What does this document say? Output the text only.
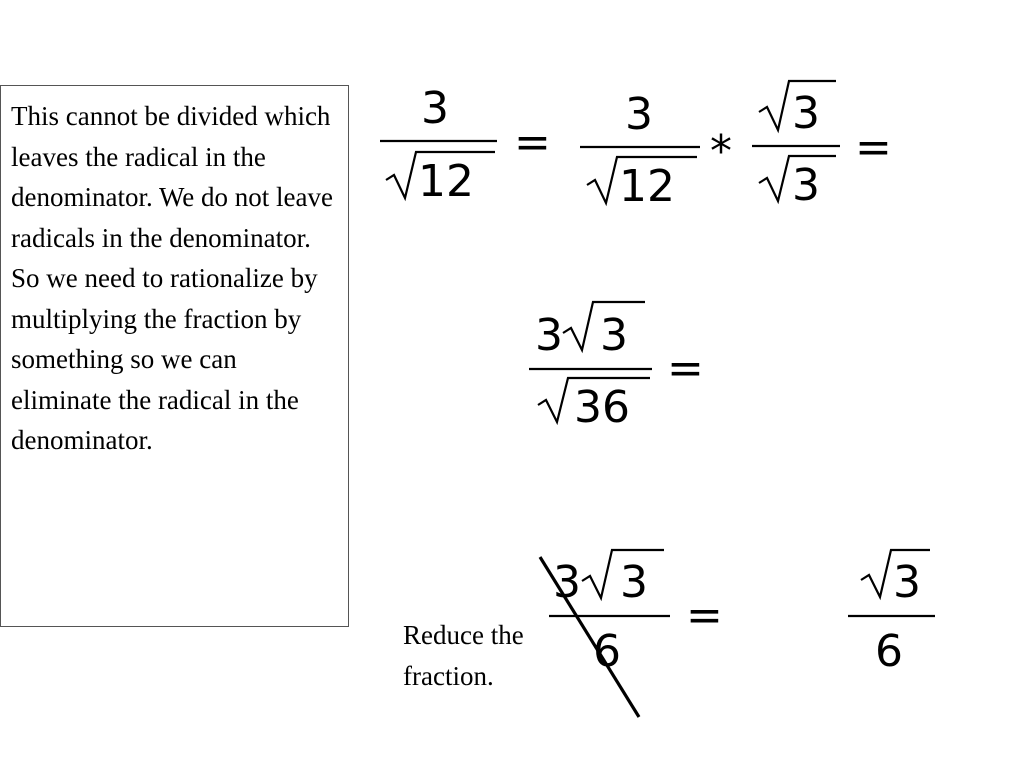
This cannot be divided which leaves the radical in the denominator. We do not leave radicals in the denominator. So we need to rationalize by multiplying the fraction by something so we can eliminate the radical in the denominator.
Reduce the fraction.
3
12
=
3
12
*
3
3
=
3 3
36
=
3 3
6
=
3
6
